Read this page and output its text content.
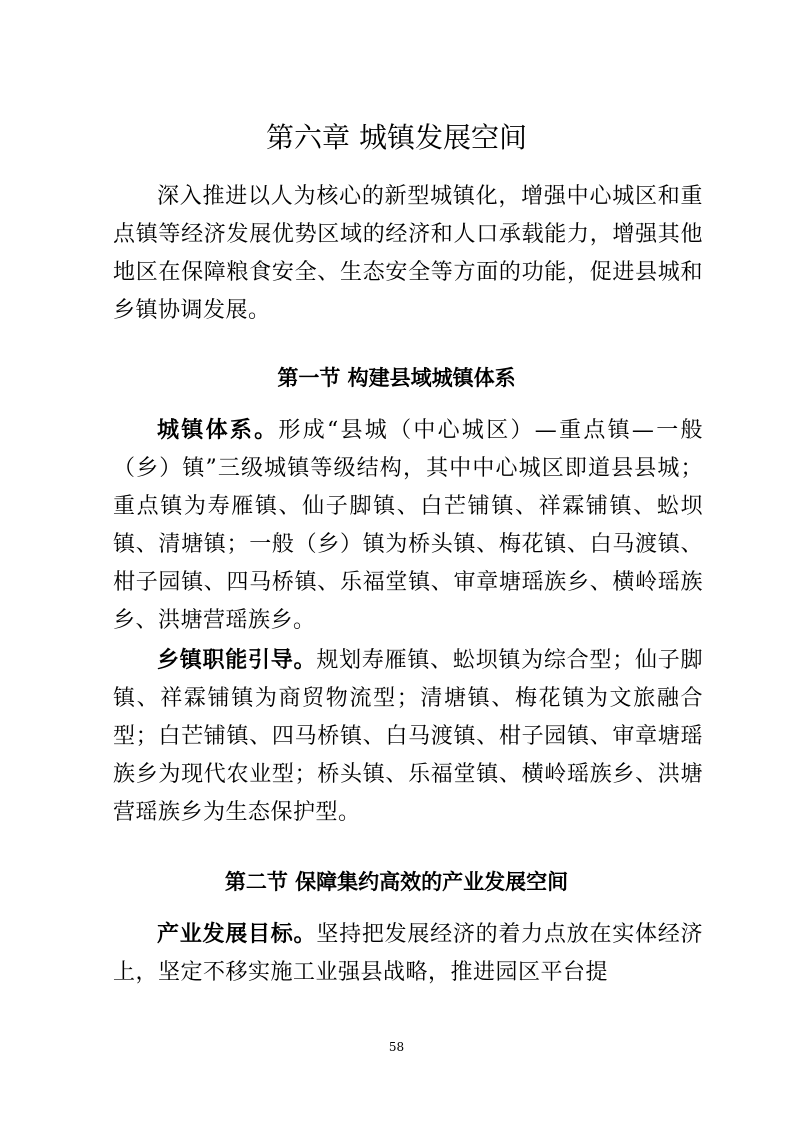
第六章 城镇发展空间

深入推进以人为核心的新型城镇化，增强中心城区和重点镇等经济发展优势区域的经济和人口承载能力，增强其他地区在保障粮食安全、生态安全等方面的功能，促进县城和乡镇协调发展。

第一节 构建县域城镇体系

城镇体系。形成“县城（中心城区）—重点镇—一般（乡）镇”三级城镇等级结构，其中中心城区即道县县城；重点镇为寿雁镇、仙子脚镇、白芒铺镇、祥霖铺镇、蚣坝镇、清塘镇；一般（乡）镇为桥头镇、梅花镇、白马渡镇、柑子园镇、四马桥镇、乐福堂镇、审章塘瑶族乡、横岭瑶族乡、洪塘营瑶族乡。

乡镇职能引导。规划寿雁镇、蚣坝镇为综合型；仙子脚镇、祥霖铺镇为商贸物流型；清塘镇、梅花镇为文旅融合型；白芒铺镇、四马桥镇、白马渡镇、柑子园镇、审章塘瑶族乡为现代农业型；桥头镇、乐福堂镇、横岭瑶族乡、洪塘营瑶族乡为生态保护型。

第二节 保障集约高效的产业发展空间

产业发展目标。坚持把发展经济的着力点放在实体经济上，坚定不移实施工业强县战略，推进园区平台提

58
